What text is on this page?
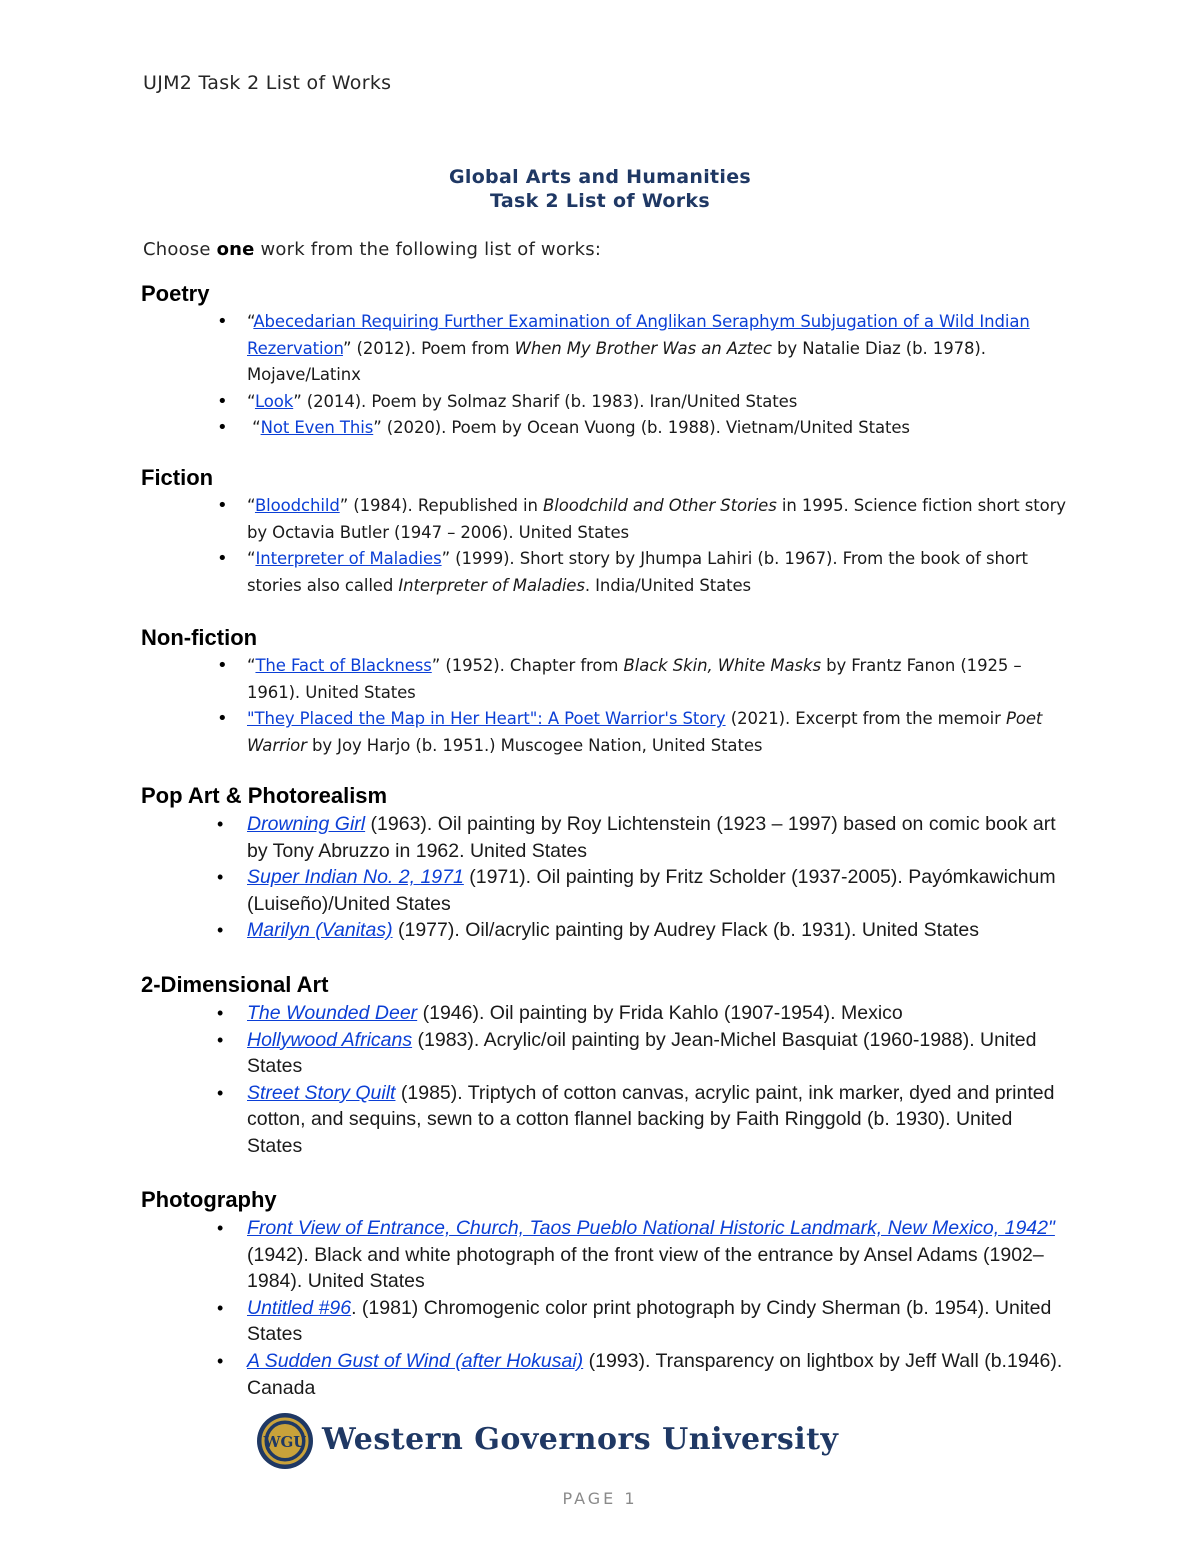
UJM2 Task 2 List of Works
Global Arts and Humanities
Task 2 List of Works
Choose one work from the following list of works:
Poetry
• “Abecedarian Requiring Further Examination of Anglikan Seraphym Subjugation of a Wild Indian Rezervation” (2012). Poem from When My Brother Was an Aztec by Natalie Diaz (b. 1978). Mojave/Latinx
• “Look” (2014). Poem by Solmaz Sharif (b. 1983). Iran/United States
•  “Not Even This” (2020). Poem by Ocean Vuong (b. 1988). Vietnam/United States
Fiction
• “Bloodchild” (1984). Republished in Bloodchild and Other Stories in 1995. Science fiction short story by Octavia Butler (1947 – 2006). United States
• “Interpreter of Maladies” (1999). Short story by Jhumpa Lahiri (b. 1967). From the book of short stories also called Interpreter of Maladies. India/United States
Non-fiction
• “The Fact of Blackness” (1952). Chapter from Black Skin, White Masks by Frantz Fanon (1925 – 1961). United States
• "They Placed the Map in Her Heart": A Poet Warrior's Story (2021). Excerpt from the memoir Poet Warrior by Joy Harjo (b. 1951.) Muscogee Nation, United States
Pop Art & Photorealism
• Drowning Girl (1963). Oil painting by Roy Lichtenstein (1923 – 1997) based on comic book art by Tony Abruzzo in 1962. United States
• Super Indian No. 2, 1971 (1971). Oil painting by Fritz Scholder (1937-2005). Payómkawichum (Luiseño)/United States
• Marilyn (Vanitas) (1977). Oil/acrylic painting by Audrey Flack (b. 1931). United States
2-Dimensional Art
• The Wounded Deer (1946). Oil painting by Frida Kahlo (1907-1954). Mexico
• Hollywood Africans (1983). Acrylic/oil painting by Jean-Michel Basquiat (1960-1988). United States
• Street Story Quilt (1985). Triptych of cotton canvas, acrylic paint, ink marker, dyed and printed cotton, and sequins, sewn to a cotton flannel backing by Faith Ringgold (b. 1930). United States
Photography
• Front View of Entrance, Church, Taos Pueblo National Historic Landmark, New Mexico, 1942" (1942). Black and white photograph of the front view of the entrance by Ansel Adams (1902–1984). United States
• Untitled #96. (1981) Chromogenic color print photograph by Cindy Sherman (b. 1954). United States
• A Sudden Gust of Wind (after Hokusai) (1993). Transparency on lightbox by Jeff Wall (b.1946). Canada
WGU Western Governors University
PAGE 1
